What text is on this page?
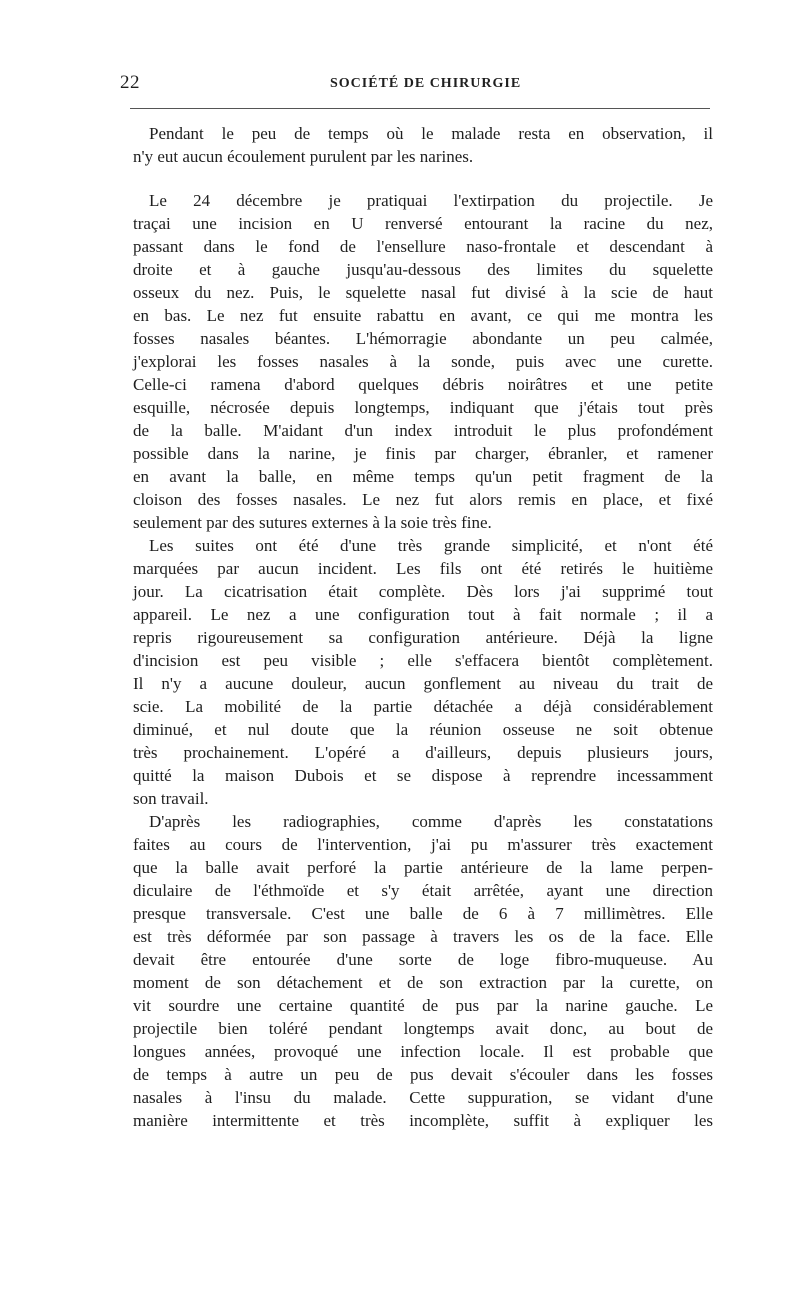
22	SOCIÉTÉ DE CHIRURGIE
Pendant le peu de temps où le malade resta en observation, il
n'y eut aucun écoulement purulent par les narines.
Le 24 décembre je pratiquai l'extirpation du projectile. Je
traçai une incision en U renversé entourant la racine du nez,
passant dans le fond de l'ensellure naso-frontale et descendant à
droite et à gauche jusqu'au-dessous des limites du squelette
osseux du nez. Puis, le squelette nasal fut divisé à la scie de haut
en bas. Le nez fut ensuite rabattu en avant, ce qui me montra les
fosses nasales béantes. L'hémorragie abondante un peu calmée,
j'explorai les fosses nasales à la sonde, puis avec une curette.
Celle-ci ramena d'abord quelques débris noirâtres et une petite
esquille, nécrosée depuis longtemps, indiquant que j'étais tout près
de la balle. M'aidant d'un index introduit le plus profondément
possible dans la narine, je finis par charger, ébranler, et ramener
en avant la balle, en même temps qu'un petit fragment de la
cloison des fosses nasales. Le nez fut alors remis en place, et fixé
seulement par des sutures externes à la soie très fine.
Les suites ont été d'une très grande simplicité, et n'ont été
marquées par aucun incident. Les fils ont été retirés le huitième
jour. La cicatrisation était complète. Dès lors j'ai supprimé tout
appareil. Le nez a une configuration tout à fait normale ; il a
repris rigoureusement sa configuration antérieure. Déjà la ligne
d'incision est peu visible ; elle s'effacera bientôt complètement.
Il n'y a aucune douleur, aucun gonflement au niveau du trait de
scie. La mobilité de la partie détachée a déjà considérablement
diminué, et nul doute que la réunion osseuse ne soit obtenue
très prochainement. L'opéré a d'ailleurs, depuis plusieurs jours,
quitté la maison Dubois et se dispose à reprendre incessamment
son travail.
D'après les radiographies, comme d'après les constatations
faites au cours de l'intervention, j'ai pu m'assurer très exactement
que la balle avait perforé la partie antérieure de la lame perpen-
diculaire de l'éthmoïde et s'y était arrêtée, ayant une direction
presque transversale. C'est une balle de 6 à 7 millimètres. Elle
est très déformée par son passage à travers les os de la face. Elle
devait être entourée d'une sorte de loge fibro-muqueuse. Au
moment de son détachement et de son extraction par la curette, on
vit sourdre une certaine quantité de pus par la narine gauche. Le
projectile bien toléré pendant longtemps avait donc, au bout de
longues années, provoqué une infection locale. Il est probable que
de temps à autre un peu de pus devait s'écouler dans les fosses
nasales à l'insu du malade. Cette suppuration, se vidant d'une
manière intermittente et très incomplète, suffit à expliquer les
